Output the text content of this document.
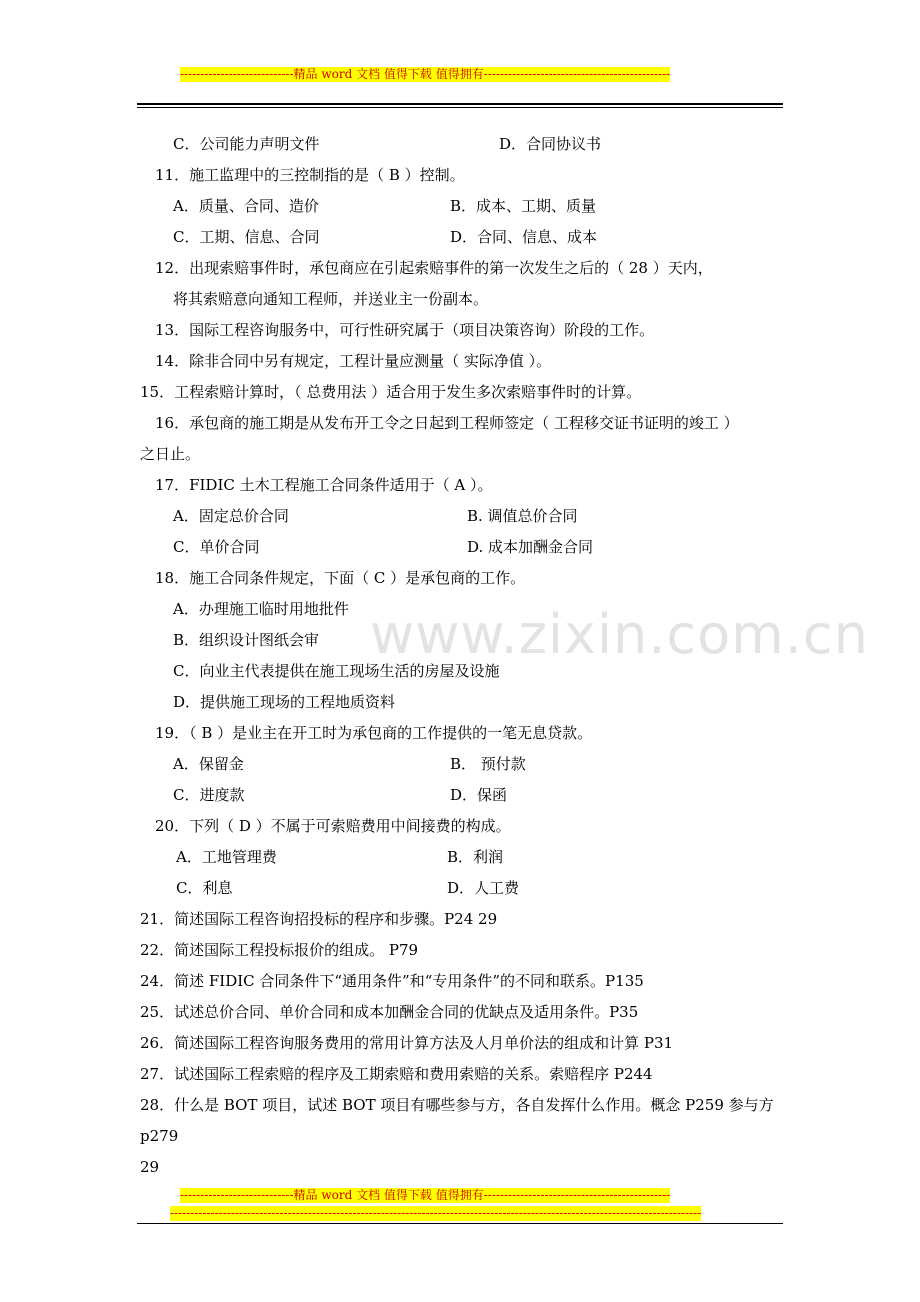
----------------------------精品 word 文档 值得下载 值得拥有----------------------------------------------
www.zixin.com.cn
C．公司能力声明文件	D．合同协议书
11．施工监理中的三控制指的是（ B ）控制。
A．质量、合同、造价	B．成本、工期、质量
C．工期、信息、合同	D．合同、信息、成本
12．出现索赔事件时，承包商应在引起索赔事件的第一次发生之后的（ 28 ）天内，
将其索赔意向通知工程师，并送业主一份副本。
13．国际工程咨询服务中，可行性研究属于（项目决策咨询）阶段的工作。
14．除非合同中另有规定，工程计量应测量（ 实际净值 ）。
15．工程索赔计算时，（ 总费用法 ）适合用于发生多次索赔事件时的计算。
16．承包商的施工期是从发布开工令之日起到工程师签定（ 工程移交证书证明的竣工 ）
之日止。
17．FIDIC 土木工程施工合同条件适用于（ A ）。
A．固定总价合同	B. 调值总价合同
C．单价合同	D. 成本加酬金合同
18．施工合同条件规定，下面（ C ）是承包商的工作。
A．办理施工临时用地批件
B．组织设计图纸会审
C．向业主代表提供在施工现场生活的房屋及设施
D．提供施工现场的工程地质资料
19．（ B ）是业主在开工时为承包商的工作提供的一笔无息贷款。
A．保留金	B． 预付款
C．进度款	D．保函
20．下列（ D ）不属于可索赔费用中间接费的构成。
A．工地管理费	B．利润
C．利息	D．人工费
21．简述国际工程咨询招投标的程序和步骤。P24 29
22．简述国际工程投标报价的组成。 P79
24．简述 FIDIC 合同条件下“通用条件”和“专用条件”的不同和联系。P135
25．试述总价合同、单价合同和成本加酬金合同的优缺点及适用条件。P35
26．简述国际工程咨询服务费用的常用计算方法及人月单价法的组成和计算 P31
27．试述国际工程索赔的程序及工期索赔和费用索赔的关系。索赔程序 P244
28．什么是 BOT 项目，试述 BOT 项目有哪些参与方，各自发挥什么作用。概念 P259 参与方
p279
29
----------------------------精品 word 文档 值得下载 值得拥有----------------------------------------------
-----------------------------------------------------------------------------------------------------------------------------------
